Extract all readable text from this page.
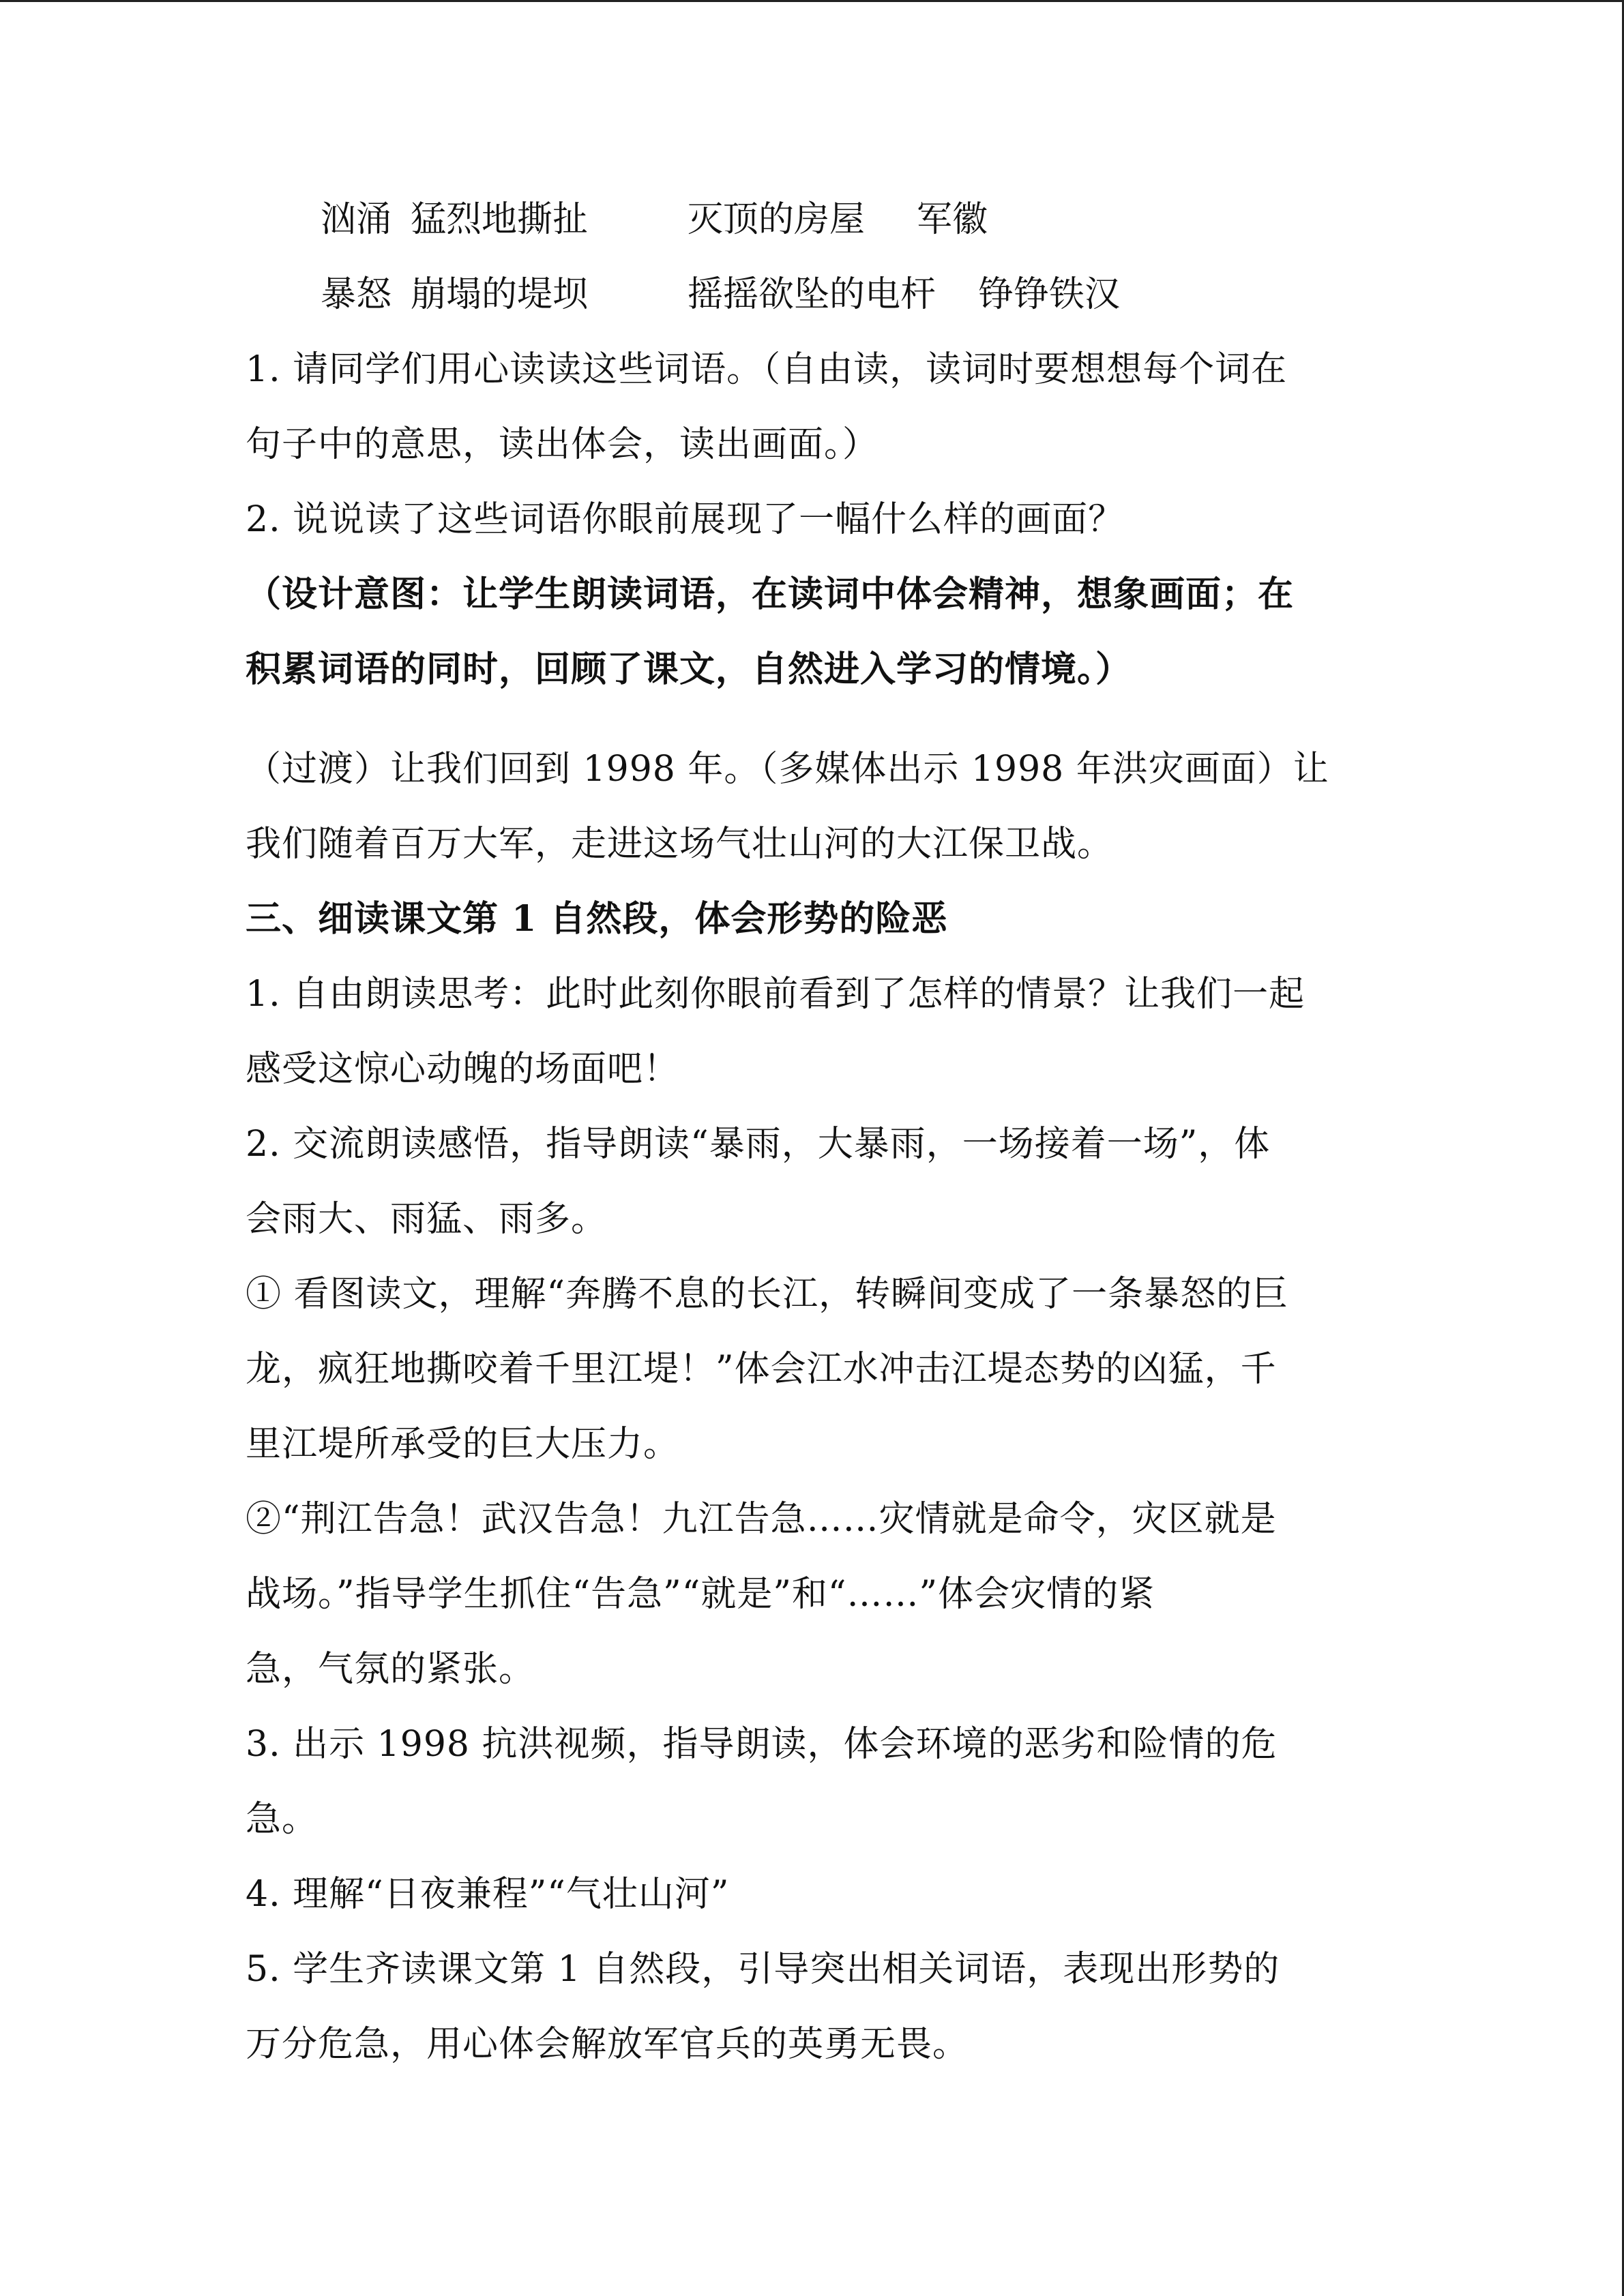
汹涌 猛烈地撕扯	灭顶的房屋 军徽
暴怒 崩塌的堤坝	摇摇欲坠的电杆 铮铮铁汉
1. 请同学们用心读读这些词语。（自由读，读词时要想想每个词在
句子中的意思，读出体会，读出画面。）
2. 说说读了这些词语你眼前展现了一幅什么样的画面？
（设计意图：让学生朗读词语，在读词中体会精神，想象画面；在
积累词语的同时，回顾了课文，自然进入学习的情境。）
（过渡）让我们回到 1998 年。（多媒体出示 1998 年洪灾画面）让
我们随着百万大军，走进这场气壮山河的大江保卫战。
三、细读课文第 1 自然段，体会形势的险恶
1. 自由朗读思考：此时此刻你眼前看到了怎样的情景？让我们一起
感受这惊心动魄的场面吧！
2. 交流朗读感悟，指导朗读“暴雨，大暴雨，一场接着一场”，体
会雨大、雨猛、雨多。
① 看图读文，理解“奔腾不息的长江，转瞬间变成了一条暴怒的巨
龙，疯狂地撕咬着千里江堤！”体会江水冲击江堤态势的凶猛，千
里江堤所承受的巨大压力。
②“荆江告急！武汉告急！九江告急……灾情就是命令，灾区就是
战场。”指导学生抓住“告急”“就是”和“……”体会灾情的紧
急，气氛的紧张。
3. 出示 1998 抗洪视频，指导朗读，体会环境的恶劣和险情的危
急。
4. 理解“日夜兼程”“气壮山河”
5. 学生齐读课文第 1 自然段，引导突出相关词语，表现出形势的
万分危急，用心体会解放军官兵的英勇无畏。
